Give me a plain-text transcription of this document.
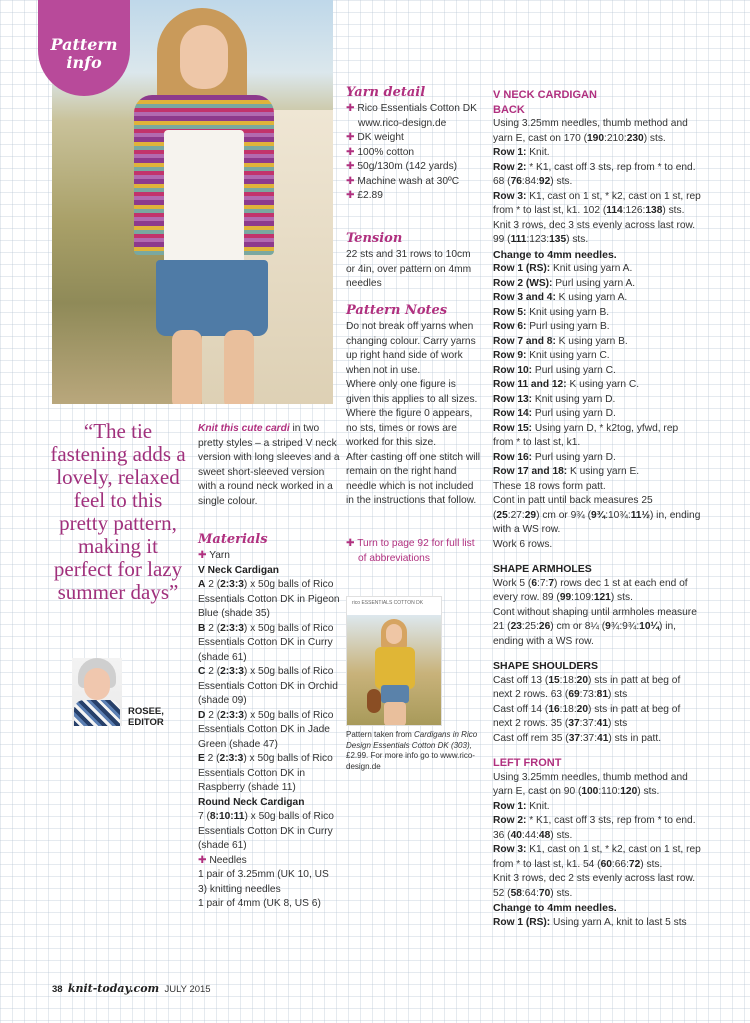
Pattern
info
“The tie fastening adds a lovely, relaxed feel to this pretty pattern, making it perfect for lazy summer days”
ROSEE,
EDITOR
Knit this cute cardi in two pretty styles – a striped V neck version with long sleeves and a sweet short-sleeved version with a round neck worked in a single colour.
Materials
✚ Yarn
V Neck Cardigan

A 2 (2:3:3) x 50g balls of Rico Essentials Cotton DK in Pigeon Blue (shade 35)

B 2 (2:3:3) x 50g balls of Rico Essentials Cotton DK in Curry (shade 61)

C 2 (2:3:3) x 50g balls of Rico Essentials Cotton DK in Orchid (shade 09)

D 2 (2:3:3) x 50g balls of Rico Essentials Cotton DK in Jade Green (shade 47)

E 2 (2:3:3) x 50g balls of Rico Essentials Cotton DK in Raspberry (shade 11)

Round Neck Cardigan

7 (8:10:11) x 50g balls of Rico Essentials Cotton DK in Curry (shade 61)

✚ Needles

1 pair of 3.25mm (UK 10, US 3) knitting needles

1 pair of 4mm (UK 8, US 6)

Yarn detail
✚ Rico Essentials Cotton DK

www.rico-design.de

✚ DK weight
✚ 100% cotton
✚ 50g/130m (142 yards)
✚ Machine wash at 30ºC
✚ £2.89
Tension

22 sts and 31 rows to 10cm or 4in, over pattern on 4mm needles

Pattern Notes

Do not break off yarns when changing colour. Carry yarns up right hand side of work when not in use.

Where only one figure is given this applies to all sizes. Where the figure 0 appears, no sts, times or rows are worked for this size.

After casting off one stitch will remain on the right hand needle which is not included in the instructions that follow.

✚ Turn to page 92 for full list of abbreviations
rico ESSENTIALS COTTON DK
Pattern taken from Cardigans in Rico Design Essentials Cotton DK (303), £2.99. For more info go to www.rico-design.de
V NECK CARDIGAN
BACK

Using 3.25mm needles, thumb method and yarn E, cast on 170 (190:210:230) sts.

Row 1: Knit.

Row 2: * K1, cast off 3 sts, rep from * to end. 68 (76:84:92) sts.

Row 3: K1, cast on 1 st, * k2, cast on 1 st, rep from * to last st, k1. 102 (114:126:138) sts.

Knit 3 rows, dec 3 sts evenly across last row. 99 (111:123:135) sts.

Change to 4mm needles.

Row 1 (RS): Knit using yarn A.

Row 2 (WS): Purl using yarn A.

Row 3 and 4: K using yarn A.

Row 5: Knit using yarn B.

Row 6: Purl using yarn B.

Row 7 and 8: K using yarn B.

Row 9: Knit using yarn C.

Row 10: Purl using yarn C.

Row 11 and 12: K using yarn C.

Row 13: Knit using yarn D.

Row 14: Purl using yarn D.

Row 15: Using yarn D, * k2tog, yfwd, rep from * to last st, k1.

Row 16: Purl using yarn D.

Row 17 and 18: K using yarn E.

These 18 rows form patt.

Cont in patt until back measures 25 (25:27:29) cm or 9¾ (9¾:10¾:11½) in, ending with a WS row.

Work 6 rows.

SHAPE ARMHOLES

Work 5 (6:7:7) rows dec 1 st at each end of every row. 89 (99:109:121) sts.

Cont without shaping until armholes measure 21 (23:25:26) cm or 8¼ (9¾:9¾:10¼) in, ending with a WS row.

SHAPE SHOULDERS

Cast off 13 (15:18:20) sts in patt at beg of next 2 rows. 63 (69:73:81) sts

Cast off 14 (16:18:20) sts in patt at beg of next 2 rows. 35 (37:37:41) sts

Cast off rem 35 (37:37:41) sts in patt.

LEFT FRONT

Using 3.25mm needles, thumb method and yarn E, cast on 90 (100:110:120) sts.

Row 1: Knit.

Row 2: * K1, cast off 3 sts, rep from * to end. 36 (40:44:48) sts.

Row 3: K1, cast on 1 st, * k2, cast on 1 st, rep from * to last st, k1. 54 (60:66:72) sts.

Knit 3 rows, dec 2 sts evenly across last row. 52 (58:64:70) sts.

Change to 4mm needles.

Row 1 (RS): Using yarn A, knit to last 5 sts

38 knit-today.com JULY 2015
